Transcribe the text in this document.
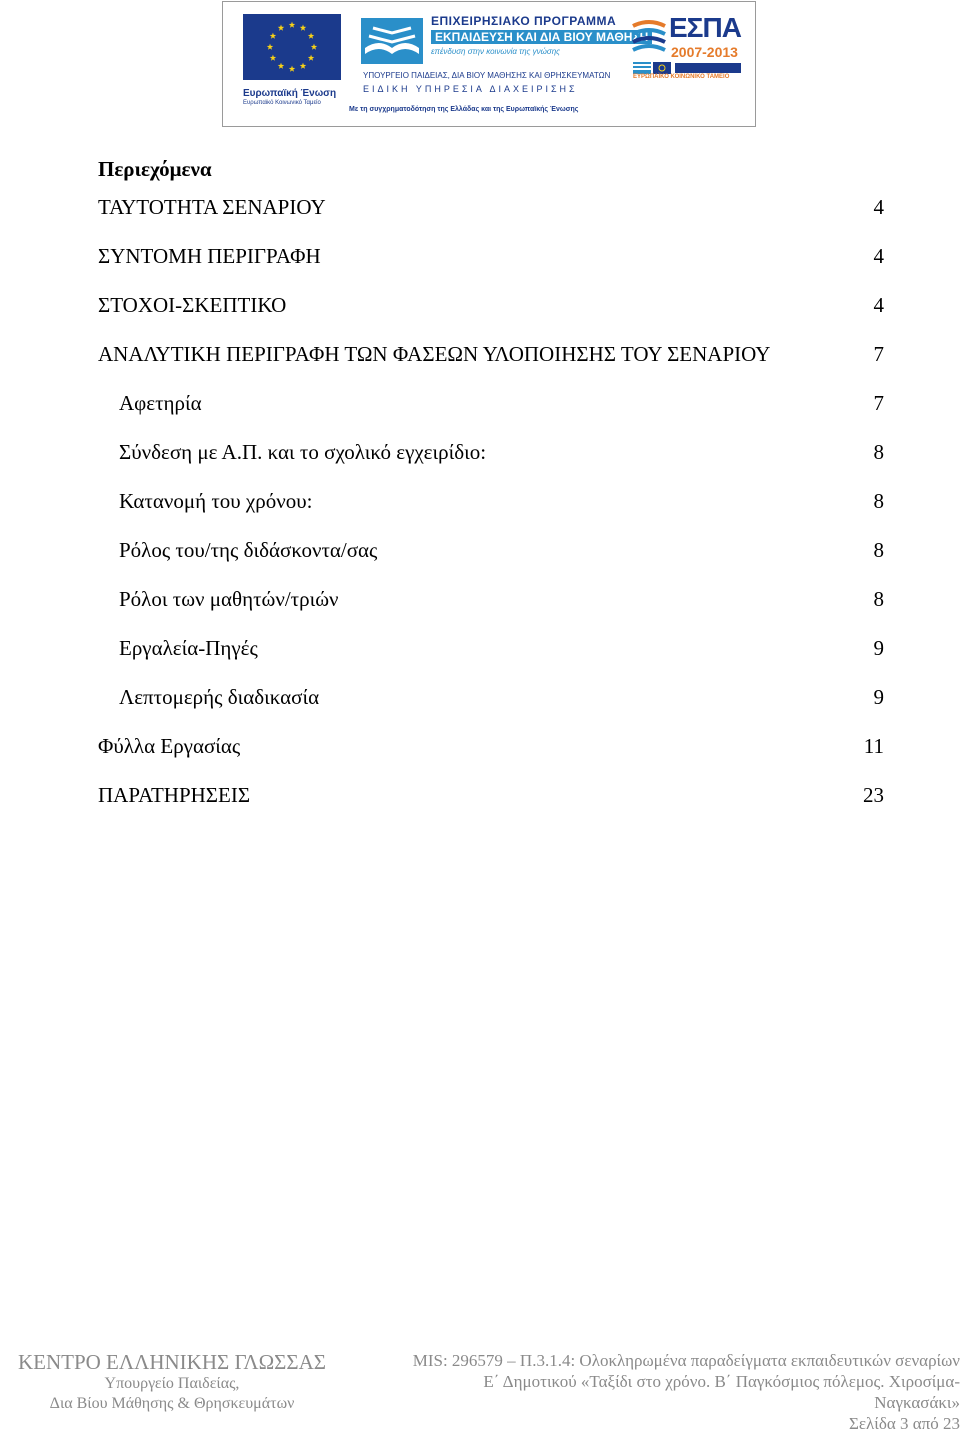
Ευρωπαϊκή Ένωση
Ευρωπαϊκό Κοινωνικό Ταμείο
ΕΠΙΧΕΙΡΗΣΙΑΚΟ ΠΡΟΓΡΑΜΜΑ
ΕΚΠΑΙΔΕΥΣΗ ΚΑΙ ΔΙΑ ΒΙΟΥ ΜΑΘΗΣΗ
επένδυση στην κοινωνία της γνώσης
ΥΠΟΥΡΓΕΙΟ ΠΑΙΔΕΙΑΣ, ΔΙΑ ΒΙΟΥ ΜΑΘΗΣΗΣ ΚΑΙ ΘΡΗΣΚΕΥΜΑΤΩΝ
ΕΙΔΙΚΗ ΥΠΗΡΕΣΙΑ ΔΙΑΧΕΙΡΙΣΗΣ
Με τη συγχρηματοδότηση της Ελλάδας και της Ευρωπαϊκής Ένωσης
ΕΣΠΑ
2007-2013
ΕΥΡΩΠΑΪΚΟ ΚΟΙΝΩΝΙΚΟ ΤΑΜΕΙΟ
Περιεχόμενα
ΤΑΥΤΟΤΗΤΑ ΣΕΝΑΡΙΟΥ	4
ΣΥΝΤΟΜΗ ΠΕΡΙΓΡΑΦΗ	4
ΣΤΟΧΟΙ-ΣΚΕΠΤΙΚΟ	4
ΑΝΑΛΥΤΙΚΗ ΠΕΡΙΓΡΑΦΗ ΤΩΝ ΦΑΣΕΩΝ ΥΛΟΠΟΙΗΣΗΣ ΤΟΥ ΣΕΝΑΡΙΟΥ	7
Αφετηρία	7
Σύνδεση με Α.Π. και το σχολικό εγχειρίδιο:	8
Κατανομή του χρόνου:	8
Ρόλος του/της διδάσκοντα/σας	8
Ρόλοι των μαθητών/τριών	8
Εργαλεία-Πηγές	9
Λεπτομερής διαδικασία	9
Φύλλα Εργασίας	11
ΠΑΡΑΤΗΡΗΣΕΙΣ	23
ΚΕΝΤΡΟ ΕΛΛΗΝΙΚΗΣ ΓΛΩΣΣΑΣ
Υπουργείο Παιδείας,
Δια Βίου Μάθησης & Θρησκευμάτων
MIS: 296579 – Π.3.1.4: Ολοκληρωμένα παραδείγματα εκπαιδευτικών σεναρίων
Ε΄ Δημοτικού «Ταξίδι στο χρόνο. Β΄ Παγκόσμιος πόλεμος. Χιροσίμα-
Ναγκασάκι»
Σελίδα 3 από 23
